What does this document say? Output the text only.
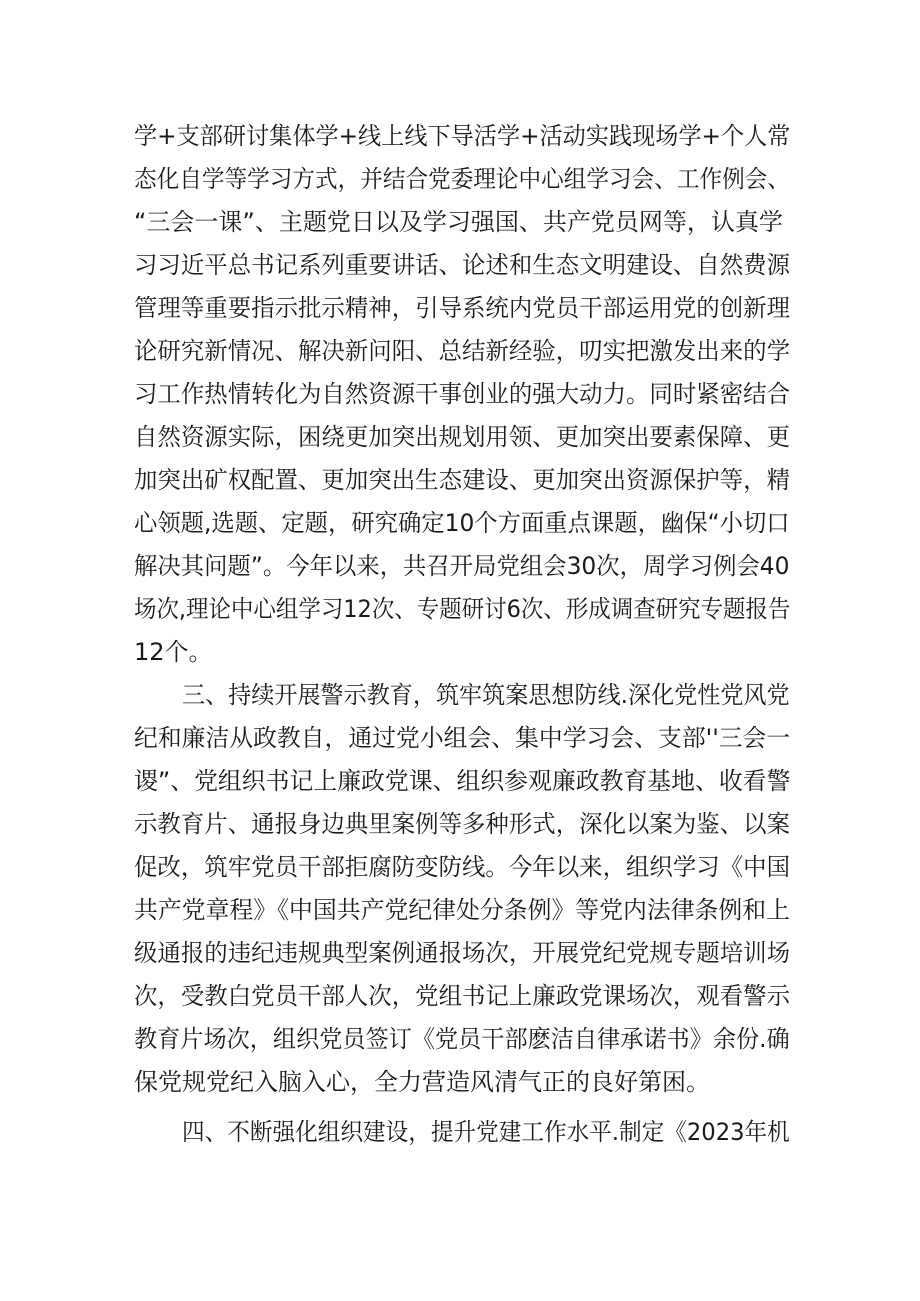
学+支部研讨集体学+线上线下导活学+活动实践现场学+个人常
态化自学等学习方式，并结合党委理论中心组学习会、工作例会、
“三会一课”、主题党日以及学习强国、共产党员网等，认真学
习习近平总书记系列重要讲话、论述和生态文明建设、自然费源
管理等重要指示批示精神，引导系统内党员干部运用党的创新理
论研究新情况、解决新问阳、总结新经验，叨实把激发出来的学
习工作热情转化为自然资源干事创业的强大动力。同时紧密结合
自然资源实际，困绕更加突出规划用领、更加突出要素保障、更
加突出矿权配置、更加突出生态建设、更加突出资源保护等，精
心领题,选题、定题，研究确定10个方面重点课题，幽保“小切口
解决其问题”。今年以来，共召开局党组会30次，周学习例会40
场次,理论中心组学习12次、专题研讨6次、形成调查研究专题报告
12个。
三、持续开展警示教育，筑牢筑案思想防线.深化党性党风党
纪和廉洁从政教自，通过党小组会、集中学习会、支部''三会一
谡”、党组织书记上廉政党课、组织参观廉政教育基地、收看警
示教育片、通报身边典里案例等多种形式，深化以案为鉴、以案
促改，筑牢党员干部拒腐防变防线。今年以来，组织学习《中国
共产党章程》《中国共产党纪律处分条例》等党内法律条例和上
级通报的违纪违规典型案例通报场次，开展党纪党规专题培训场
次，受教白党员干部人次，党组书记上廉政党课场次，观看警示
教育片场次，组织党员签订《党员干部麽洁自律承诺书》余份.确
保党规党纪入脑入心，全力营造风清气正的良好第困。
四、不断强化组织建设，提升党建工作水平.制定《2023年机
